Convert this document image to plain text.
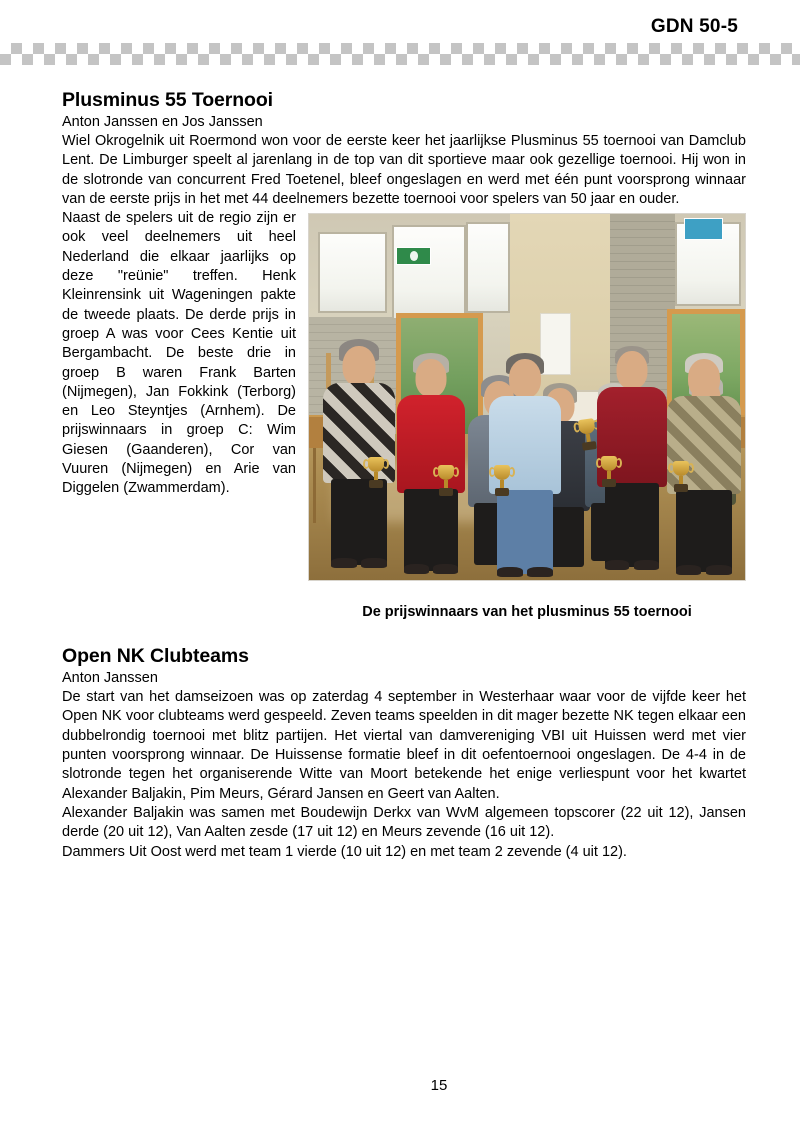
GDN 50-5
Plusminus 55 Toernooi

Anton Janssen en Jos Janssen

Wiel Okrogelnik uit Roermond won voor de eerste keer het jaarlijkse Plusminus 55 toernooi van Damclub Lent. De Limburger speelt al jarenlang in de top van dit sportieve maar ook gezellige toernooi. Hij won in de slotronde van concurrent Fred Toetenel, bleef ongeslagen en werd met één punt voorsprong winnaar van de eerste prijs in het met 44 deelnemers bezette toernooi voor spelers van 50 jaar en ouder.

De prijswinnaars van het plusminus 55 toernooi

Naast de spelers uit de regio zijn er ook veel deelnemers uit heel Nederland die elkaar jaarlijks op deze "reünie" treffen. Henk Kleinrensink uit Wageningen pakte de tweede plaats. De derde prijs in groep A was voor Cees Kentie uit Bergambacht. De beste drie in groep B waren Frank Barten (Nijmegen), Jan Fokkink (Terborg) en Leo Steyntjes (Arnhem). De prijswinnaars in groep C: Wim Giesen (Gaanderen), Cor van Vuuren (Nijmegen) en Arie van Diggelen (Zwammerdam).

Open NK Clubteams

Anton Janssen

De start van het damseizoen was op zaterdag 4 september in Westerhaar waar voor de vijfde keer het Open NK voor clubteams werd gespeeld. Zeven teams speelden in dit mager bezette NK tegen elkaar een dubbelrondig toernooi met blitz partijen. Het viertal van damvereniging VBI uit Huissen werd met vier punten voorsprong winnaar. De Huissense formatie bleef in dit oefentoernooi ongeslagen. De 4-4 in de slotronde tegen het organiserende Witte van Moort betekende het enige verliespunt voor het kwartet Alexander Baljakin, Pim Meurs, Gérard Jansen en Geert van Aalten.

Alexander Baljakin was samen met Boudewijn Derkx van WvM algemeen topscorer (22 uit 12), Jansen derde (20 uit 12), Van Aalten zesde (17 uit 12) en Meurs zevende (16 uit 12).

Dammers Uit Oost werd met team 1 vierde (10 uit 12) en met team 2 zevende (4 uit 12).

15
